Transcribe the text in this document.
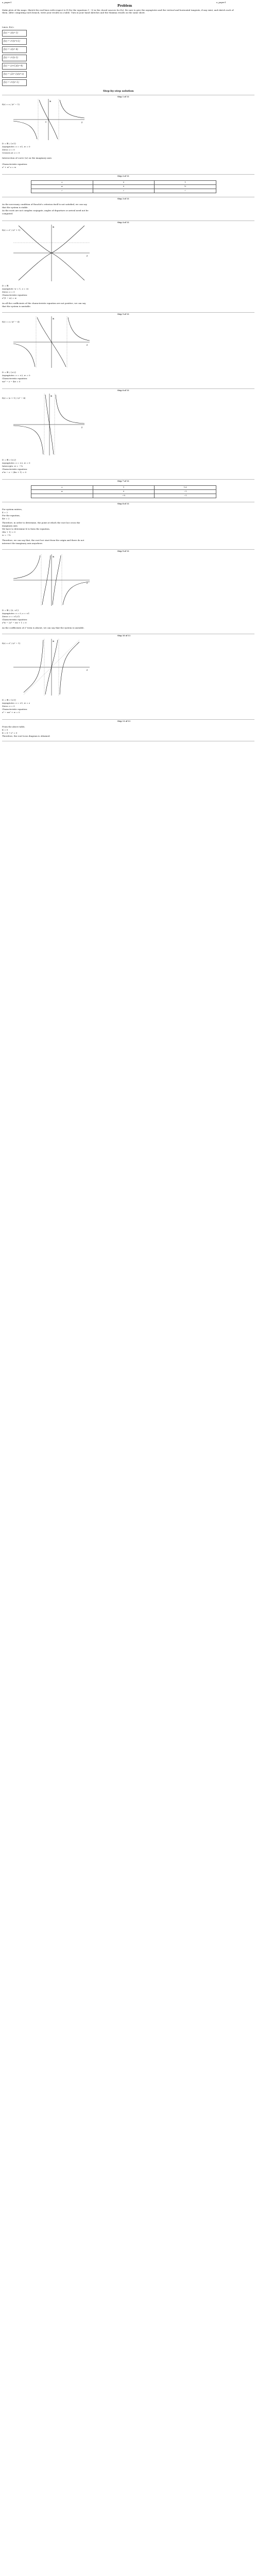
a_paper1	a_paper1
Problem
Make plots of the maps. Sketch the real lines with respect to R (for the equations 1 - 5) in the closed sources for f(z). Be sure to give the asymptotes and the vertical and horizontal tangents, if any exist, and sketch each of them. After computing each branch, write your results in a table. Turn in your hand sketches and the Maxima results on the same sheet.
Lines: f(z)=
f(z) = z/(z²-1)
f(z) = z²/(z²+1)
f(z) = z/(z²-4)
f(z) = z²/(z-1)
f(z) = (z+1)/(z²-4)
f(z) = (2z²-1)/(z³-z)
f(z) = z³/(z²-1)
Step-by-step solution
Step 1 of 11
f(z) = z / (z² − 1)
z
w
0
D = ℝ \ {±1}
Asymptotes: z = ±1, w = 0
Zeros: z = 0
Crosses at: z = 0
Intersection of curve (w) on the imaginary axes
Characteristic equation:
z² + w² z = w
Step 2 of 11
z	0	1
w	0	½
✓	✓	✓
Step 3 of 11
As the necessary condition of Rouché's criterion itself is not satisfied, we can say
that the system is stable.
As the roots are not complex conjugate, angles of departure or arrival need not be
computed.
Step 4 of 11
f(z) = z² / (z² + 1)
z
w
D = ℝ
Asymptote: w = 1, z = ±i
Zeros: z = 0
Characteristic equation:
z²(1 − w) = w
As all the coefficients of the characteristic equation are not positive, we can say
that the system is unstable.
Step 5 of 11
f(z) = z / (z² − 4)
z
w
D = ℝ \ {±2}
Asymptotes: z = ±2, w = 0
Characteristic equation:
wz² − z − 4w = 0
Step 6 of 11
f(z) = (z + 1) / (z² − 4)
z
w
D = ℝ \ {±2}
Asymptotes: z = ±2, w = 0
Intercepts: w = −¼
Characteristic equation:
z²w − z − (4w + 1) = 0
Step 7 of 11
z	1	1.6
w	0	−1
	−⅓	−1
Step 8 of 11
For system entries,
4 = 2
For the equation,
4w = 2
Therefore, in order to determine, the point at which the root loci cross the
imaginary axis.
We have to determine K to form the equation,
(4w + 1) = 0
w = −¼
Therefore, we can say that, the root loci start from the origin and there do not
intersect the imaginary axis anywhere.
Step 9 of 11
z
w
D = ℝ \ {0, ±1}
Asymptotes: z = 0, z = ±1
Zeros: z = ±1/√2
Characteristic equation:
z³w − 2z² − zw + 1 = 0
As the coefficients of z² term is absent, we can say that the system is unstable.
Step 10 of 11
f(z) = z³ / (z² − 1)
z
w
D = ℝ \ {±1}
Asymptotes: z = ±1, w = z
Zeros: z = 0
Characteristic equation:
z³ − wz² + w = 0
Step 11 of 11
From the above table,
K = 0
K = 8 → s² = 0
Therefore, the root locus diagram is obtained.
